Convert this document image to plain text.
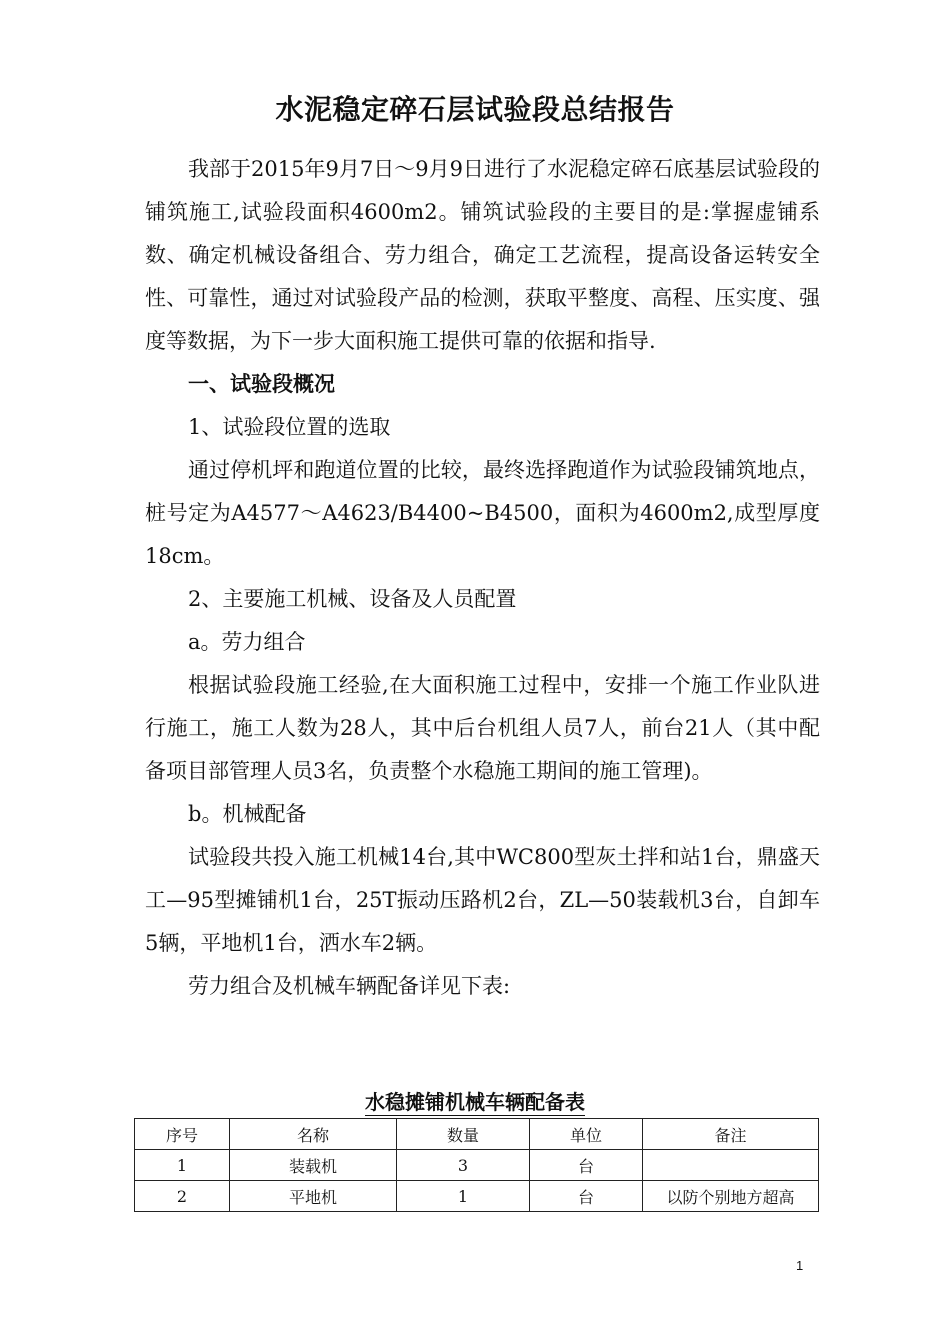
水泥稳定碎石层试验段总结报告

我部于2015年9月7日～9月9日进行了水泥稳定碎石底基层试验段的铺筑施工,试验段面积4600m2。铺筑试验段的主要目的是:掌握虚铺系数、确定机械设备组合、劳力组合，确定工艺流程，提高设备运转安全性、可靠性，通过对试验段产品的检测，获取平整度、高程、压实度、强度等数据，为下一步大面积施工提供可靠的依据和指导.

一、试验段概况

1、试验段位置的选取

通过停机坪和跑道位置的比较，最终选择跑道作为试验段铺筑地点，桩号定为A4577～A4623/B4400~B4500，面积为4600m2,成型厚度18cm。

2、主要施工机械、设备及人员配置

a。劳力组合

根据试验段施工经验,在大面积施工过程中，安排一个施工作业队进行施工，施工人数为28人，其中后台机组人员7人，前台21人（其中配备项目部管理人员3名，负责整个水稳施工期间的施工管理)。

b。机械配备

试验段共投入施工机械14台,其中WC800型灰土拌和站1台，鼎盛天工—95型摊铺机1台，25T振动压路机2台，ZL—50装载机3台，自卸车5辆，平地机1台，洒水车2辆。

劳力组合及机械车辆配备详见下表:

水稳摊铺机械车辆配备表
序号	名称	数量	单位	备注
1	装载机	3	台	
2	平地机	1	台	以防个别地方超高
1
